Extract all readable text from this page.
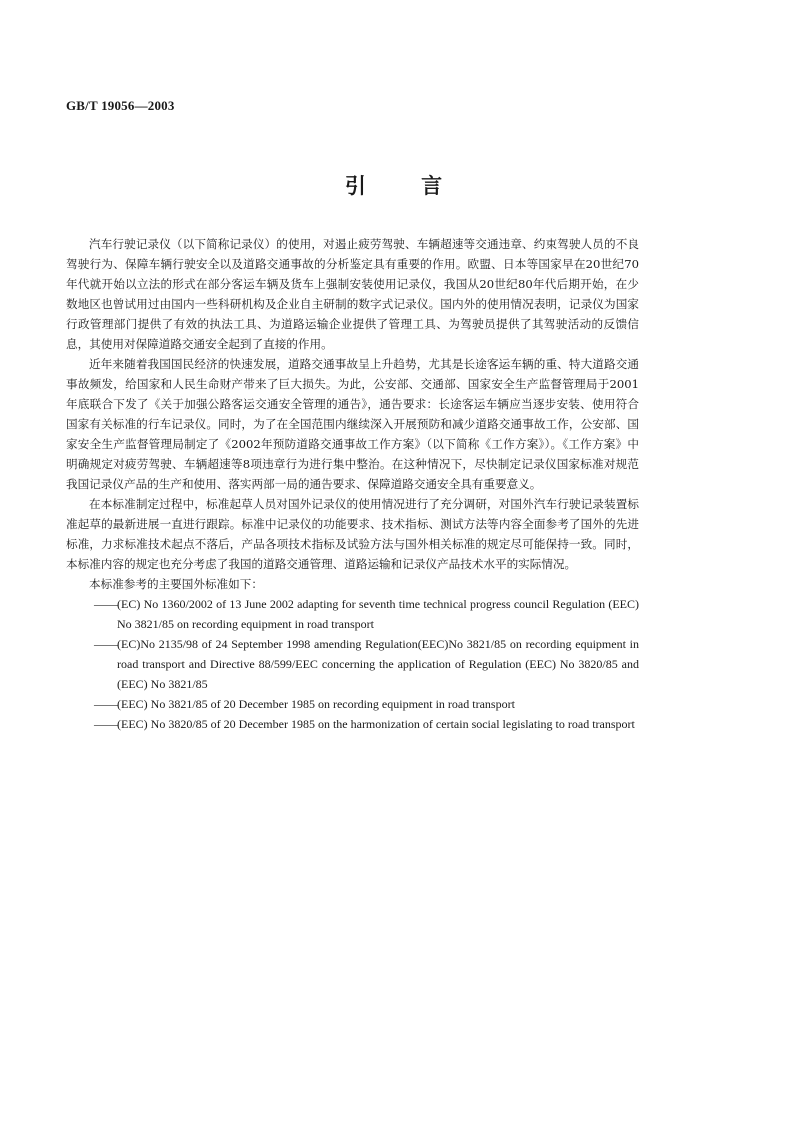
GB/T 19056—2003
引 言

汽车行驶记录仪（以下简称记录仪）的使用，对遏止疲劳驾驶、车辆超速等交通违章、约束驾驶人员的不良驾驶行为、保障车辆行驶安全以及道路交通事故的分析鉴定具有重要的作用。欧盟、日本等国家早在20世纪70年代就开始以立法的形式在部分客运车辆及货车上强制安装使用记录仪，我国从20世纪80年代后期开始，在少数地区也曾试用过由国内一些科研机构及企业自主研制的数字式记录仪。国内外的使用情况表明，记录仪为国家行政管理部门提供了有效的执法工具、为道路运输企业提供了管理工具、为驾驶员提供了其驾驶活动的反馈信息，其使用对保障道路交通安全起到了直接的作用。

近年来随着我国国民经济的快速发展，道路交通事故呈上升趋势，尤其是长途客运车辆的重、特大道路交通事故频发，给国家和人民生命财产带来了巨大损失。为此，公安部、交通部、国家安全生产监督管理局于2001年底联合下发了《关于加强公路客运交通安全管理的通告》，通告要求：长途客运车辆应当逐步安装、使用符合国家有关标准的行车记录仪。同时，为了在全国范围内继续深入开展预防和减少道路交通事故工作，公安部、国家安全生产监督管理局制定了《2002年预防道路交通事故工作方案》（以下简称《工作方案》）。《工作方案》中明确规定对疲劳驾驶、车辆超速等8项违章行为进行集中整治。在这种情况下，尽快制定记录仪国家标准对规范我国记录仪产品的生产和使用、落实两部一局的通告要求、保障道路交通安全具有重要意义。

在本标准制定过程中，标准起草人员对国外记录仪的使用情况进行了充分调研，对国外汽车行驶记录装置标准起草的最新进展一直进行跟踪。标准中记录仪的功能要求、技术指标、测试方法等内容全面参考了国外的先进标准，力求标准技术起点不落后，产品各项技术指标及试验方法与国外相关标准的规定尽可能保持一致。同时，本标准内容的规定也充分考虑了我国的道路交通管理、道路运输和记录仪产品技术水平的实际情况。

本标准参考的主要国外标准如下：

—— (EC) No 1360/2002 of 13 June 2002 adapting for seventh time technical progress council Regulation (EEC) No 3821/85 on recording equipment in road transport
—— (EC)No 2135/98 of 24 September 1998 amending Regulation(EEC)No 3821/85 on recording equipment in road transport and Directive 88/599/EEC concerning the application of Regulation (EEC) No 3820/85 and (EEC) No 3821/85
—— (EEC) No 3821/85 of 20 December 1985 on recording equipment in road transport
—— (EEC) No 3820/85 of 20 December 1985 on the harmonization of certain social legislating to road transport
